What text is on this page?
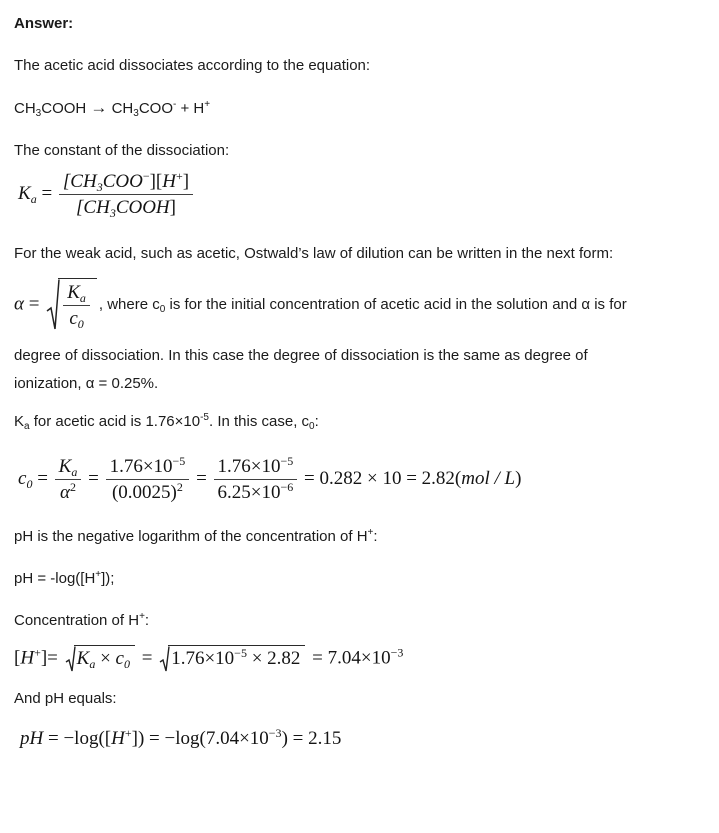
Answer:

The acetic acid dissociates according to the equation:

$CH_3COOH \to CH_3COO^- + H^+$

The constant of the dissociation:

$K_a = \frac{[CH_3COO^-][H^+]}{[CH_3COOH]}$

For the weak acid, such as acetic, Ostwald’s law of dilution can be written in the next form:

$\alpha = \frac{K_a}{c_0}$ , where $c_0$ is for the initial concentration of acetic acid in the solution and α is for

degree of dissociation. In this case the degree of dissociation is the same as degree of
ionization, α = 0.25%.

$K_a$ for acetic acid is $1.76\times 10^{-5}$. In this case, $c_0$:

$c_0 = \frac{K_a}{\alpha^2} = \frac{1.76\times 10^{-5}}{(0.0025)^2} = \frac{1.76\times 10^{-5}}{6.25\times 10^{-6}} = 0.282 \times 10 = 2.82(mol / L)$

pH is the negative logarithm of the concentration of H+:

pH = -log([H+]);

Concentration of H+:

$[H^+]= K_a \times c_0 = 1.76\times 10^{-5} \times 2.82 = 7.04\times 10^{-3}$

And pH equals:

pH = $-\log([H^+]) = -\log(7.04\times 10^{-3}) = 2.15$
